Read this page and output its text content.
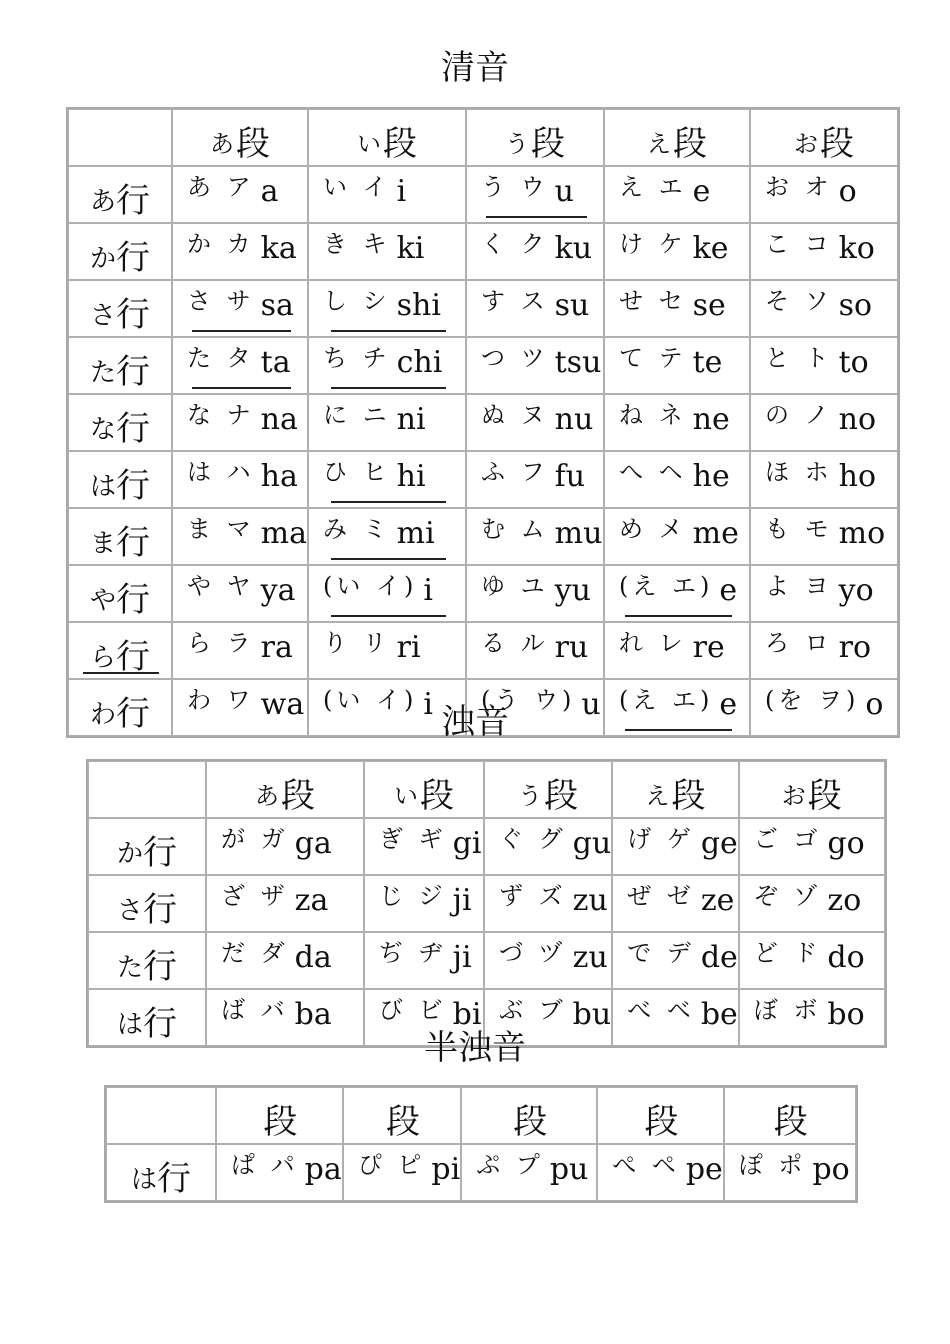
清音

	あ段	い段	う段	え段	お段

あ行	$^{あ ア}$ a	$^{い イ}$ i	$^{う ウ}$ u	$^{え エ}$ e	$^{お オ}$ o

か行	$^{か カ}$ ka	$^{き キ}$ ki	$^{く ク}$ ku	$^{け ケ}$ ke	$^{こ コ}$ ko

さ行	$^{さ サ}$ sa	$^{し シ}$ shi	$^{す ス}$ su	$^{せ セ}$ se	$^{そ ソ}$ so

た行	$^{た タ}$ ta	$^{ち チ}$ chi	$^{つ ツ}$ tsu	$^{て テ}$ te	$^{と ト}$ to

な行	$^{な ナ}$ na	$^{に ニ}$ ni	$^{ぬ ヌ}$ nu	$^{ね ネ}$ ne	$^{の ノ}$ no

は行	$^{は ハ}$ ha	$^{ひ ヒ}$ hi	$^{ふ フ}$ fu	$^{へ ヘ}$ he	$^{ほ ホ}$ ho

ま行	$^{ま マ}$ ma	$^{み ミ}$ mi	$^{む ム}$ mu	$^{め メ}$ me	$^{も モ}$ mo

や行	$^{や ヤ}$ ya	$^{(い イ)}$ i	$^{ゆ ユ}$ yu	$^{(え エ)}$ e	$^{よ ヨ}$ yo

ら行	$^{ら ラ}$ ra	$^{り リ}$ ri	$^{る ル}$ ru	$^{れ レ}$ re	$^{ろ ロ}$ ro

わ行	$^{わ ワ}$ wa	$^{(い イ)}$ i	$^{(う ウ)}$ u	$^{(え エ)}$ e	$^{(を ヲ)}$ o
浊音

	あ段	い段	う段	え段	お段

か行	$^{が ガ}$ ga	$^{ぎ ギ}$ gi	$^{ぐ グ}$ gu	$^{げ ゲ}$ ge	$^{ご ゴ}$ go

さ行	$^{ざ ザ}$ za	$^{じ ジ}$ ji	$^{ず ズ}$ zu	$^{ぜ ゼ}$ ze	$^{ぞ ゾ}$ zo

た行	$^{だ ダ}$ da	$^{ぢ ヂ}$ ji	$^{づ ヅ}$ zu	$^{で デ}$ de	$^{ど ド}$ do

は行	$^{ば バ}$ ba	$^{び ビ}$ bi	$^{ぶ ブ}$ bu	$^{べ ベ}$ be	$^{ぼ ボ}$ bo
半浊音

	段	段	段	段	段

は行	$^{ぱ パ}$ pa	$^{ぴ ピ}$ pi	$^{ぷ プ}$ pu	$^{ぺ ペ}$ pe	$^{ぽ ポ}$ po
